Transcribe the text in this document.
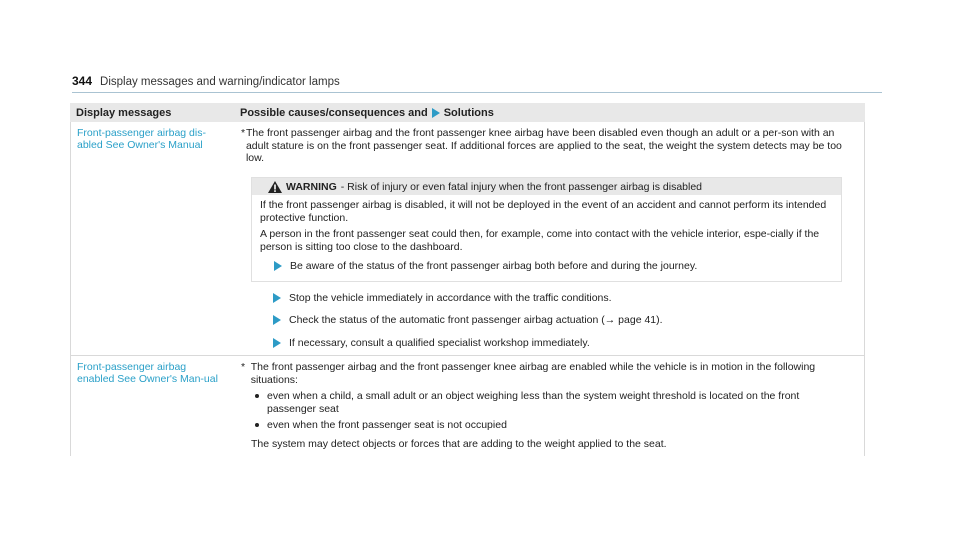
344 Display messages and warning/indicator lamps
Display messages	Possible causes/consequences and Solutions
Front-passenger airbag dis-abled See Owner's Manual
* The front passenger airbag and the front passenger knee airbag have been disabled even though an adult or a per-son with an adult stature is on the front passenger seat. If additional forces are applied to the seat, the weight the system detects may be too low.

WARNING - Risk of injury or even fatal injury when the front passenger airbag is disabled

If the front passenger airbag is disabled, it will not be deployed in the event of an accident and cannot perform its intended protective function.

A person in the front passenger seat could then, for example, come into contact with the vehicle interior, espe-cially if the person is sitting too close to the dashboard.

Be aware of the status of the front passenger airbag both before and during the journey.
Stop the vehicle immediately in accordance with the traffic conditions.
Check the status of the automatic front passenger airbag actuation (→ page 41).
If necessary, consult a qualified specialist workshop immediately.
Front-passenger airbag enabled See Owner's Man-ual
* The front passenger airbag and the front passenger knee airbag are enabled while the vehicle is in motion in the following situations:

even when a child, a small adult or an object weighing less than the system weight threshold is located on the front passenger seat
even when the front passenger seat is not occupied

The system may detect objects or forces that are adding to the weight applied to the seat.
